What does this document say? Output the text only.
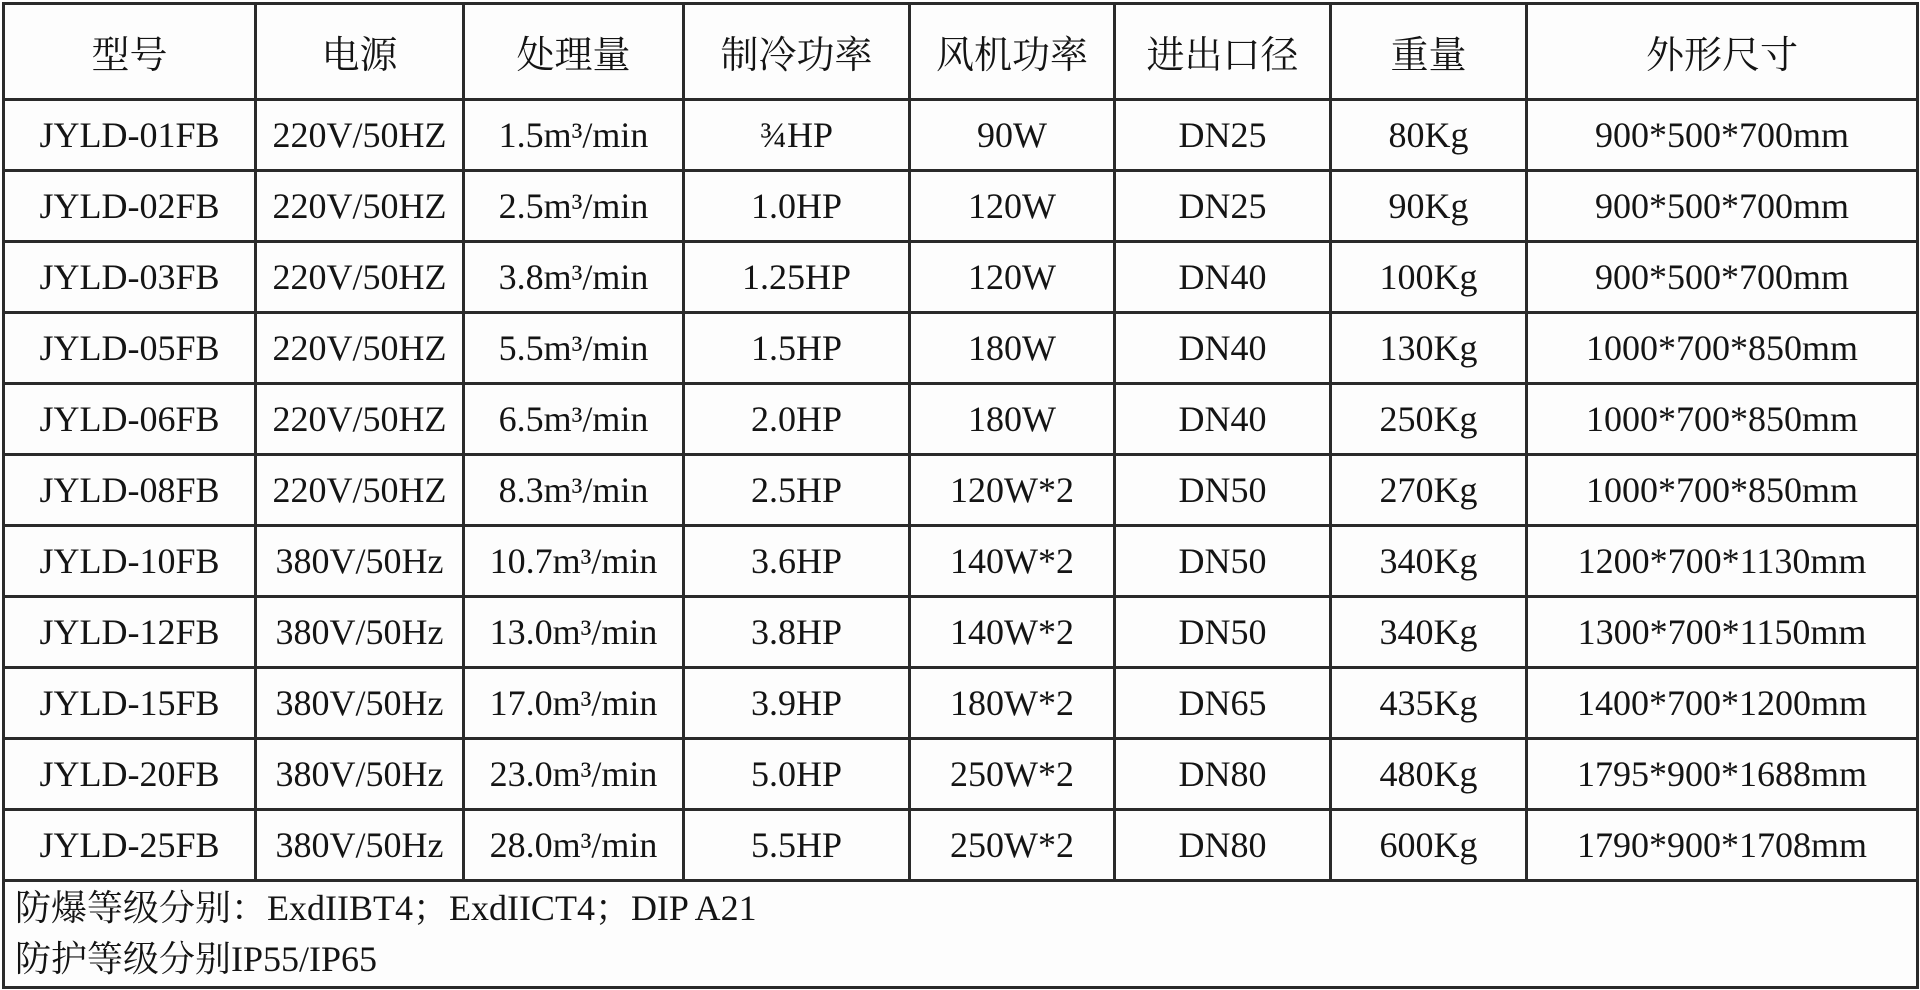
型号	电源	处理量	制冷功率	风机功率	进出口径	重量	外形尺寸
JYLD-01FB	220V/50HZ	1.5m³/min	¾HP	90W	DN25	80Kg	900*500*700mm
JYLD-02FB	220V/50HZ	2.5m³/min	1.0HP	120W	DN25	90Kg	900*500*700mm
JYLD-03FB	220V/50HZ	3.8m³/min	1.25HP	120W	DN40	100Kg	900*500*700mm
JYLD-05FB	220V/50HZ	5.5m³/min	1.5HP	180W	DN40	130Kg	1000*700*850mm
JYLD-06FB	220V/50HZ	6.5m³/min	2.0HP	180W	DN40	250Kg	1000*700*850mm
JYLD-08FB	220V/50HZ	8.3m³/min	2.5HP	120W*2	DN50	270Kg	1000*700*850mm
JYLD-10FB	380V/50Hz	10.7m³/min	3.6HP	140W*2	DN50	340Kg	1200*700*1130mm
JYLD-12FB	380V/50Hz	13.0m³/min	3.8HP	140W*2	DN50	340Kg	1300*700*1150mm
JYLD-15FB	380V/50Hz	17.0m³/min	3.9HP	180W*2	DN65	435Kg	1400*700*1200mm
JYLD-20FB	380V/50Hz	23.0m³/min	5.0HP	250W*2	DN80	480Kg	1795*900*1688mm
JYLD-25FB	380V/50Hz	28.0m³/min	5.5HP	250W*2	DN80	600Kg	1790*900*1708mm

防爆等级分别：ExdIIBT4；ExdIICT4；DIP A21
防护等级分别IP55/IP65							
